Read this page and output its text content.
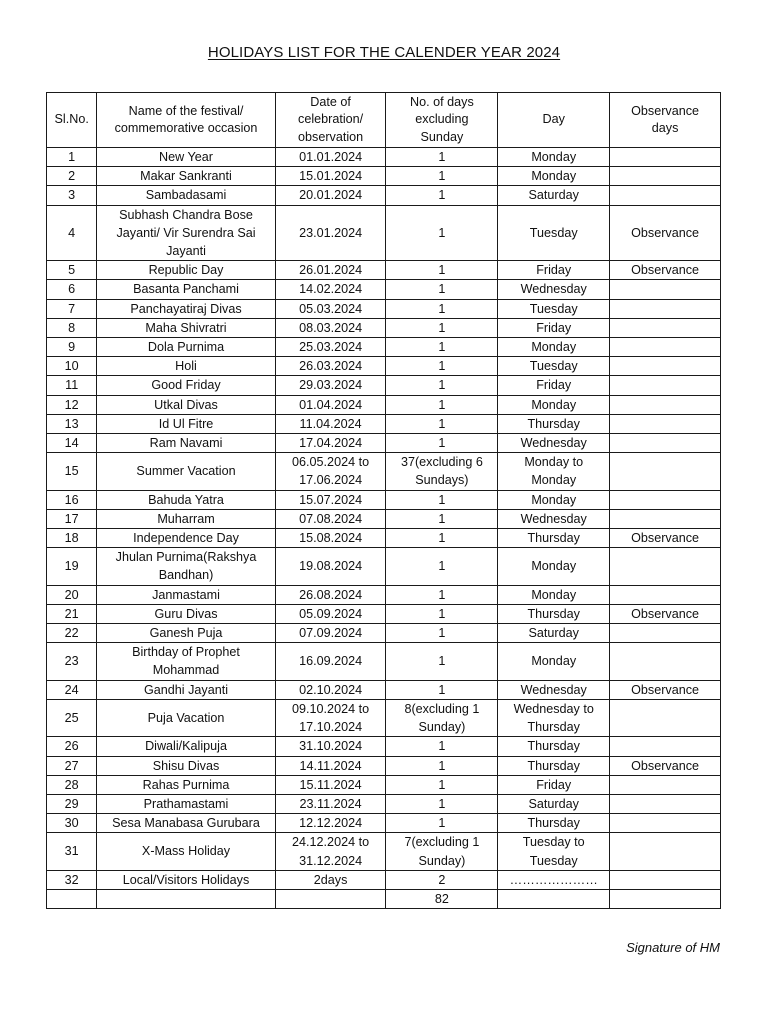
HOLIDAYS LIST FOR THE CALENDER YEAR 2024
Sl.No.	Name of the festival/
commemorative occasion	Date of
celebration/
observation	No. of days
excluding
Sunday	Day	Observance
days
1	New Year	01.01.2024	1	Monday	
2	Makar Sankranti	15.01.2024	1	Monday	
3	Sambadasami	20.01.2024	1	Saturday	
4	Subhash Chandra Bose
Jayanti/ Vir Surendra Sai
Jayanti	23.01.2024	1	Tuesday	Observance
5	Republic Day	26.01.2024	1	Friday	Observance
6	Basanta Panchami	14.02.2024	1	Wednesday	
7	Panchayatiraj Divas	05.03.2024	1	Tuesday	
8	Maha Shivratri	08.03.2024	1	Friday	
9	Dola Purnima	25.03.2024	1	Monday	
10	Holi	26.03.2024	1	Tuesday	
11	Good Friday	29.03.2024	1	Friday	
12	Utkal Divas	01.04.2024	1	Monday	
13	Id Ul Fitre	11.04.2024	1	Thursday	
14	Ram Navami	17.04.2024	1	Wednesday	
15	Summer Vacation	06.05.2024 to
17.06.2024	37(excluding 6
Sundays)	Monday to
Monday	
16	Bahuda Yatra	15.07.2024	1	Monday	
17	Muharram	07.08.2024	1	Wednesday	
18	Independence Day	15.08.2024	1	Thursday	Observance
19	Jhulan Purnima(Rakshya
Bandhan)	19.08.2024	1	Monday	
20	Janmastami	26.08.2024	1	Monday	
21	Guru Divas	05.09.2024	1	Thursday	Observance
22	Ganesh Puja	07.09.2024	1	Saturday	
23	Birthday of Prophet
Mohammad	16.09.2024	1	Monday	
24	Gandhi Jayanti	02.10.2024	1	Wednesday	Observance
25	Puja Vacation	09.10.2024 to
17.10.2024	8(excluding 1
Sunday)	Wednesday to
Thursday	
26	Diwali/Kalipuja	31.10.2024	1	Thursday	
27	Shisu Divas	14.11.2024	1	Thursday	Observance
28	Rahas Purnima	15.11.2024	1	Friday	
29	Prathamastami	23.11.2024	1	Saturday	
30	Sesa Manabasa Gurubara	12.12.2024	1	Thursday	
31	X-Mass Holiday	24.12.2024 to
31.12.2024	7(excluding 1
Sunday)	Tuesday to
Tuesday	
32	Local/Visitors Holidays	2days	2	…………………	
			82		
Signature of HM
